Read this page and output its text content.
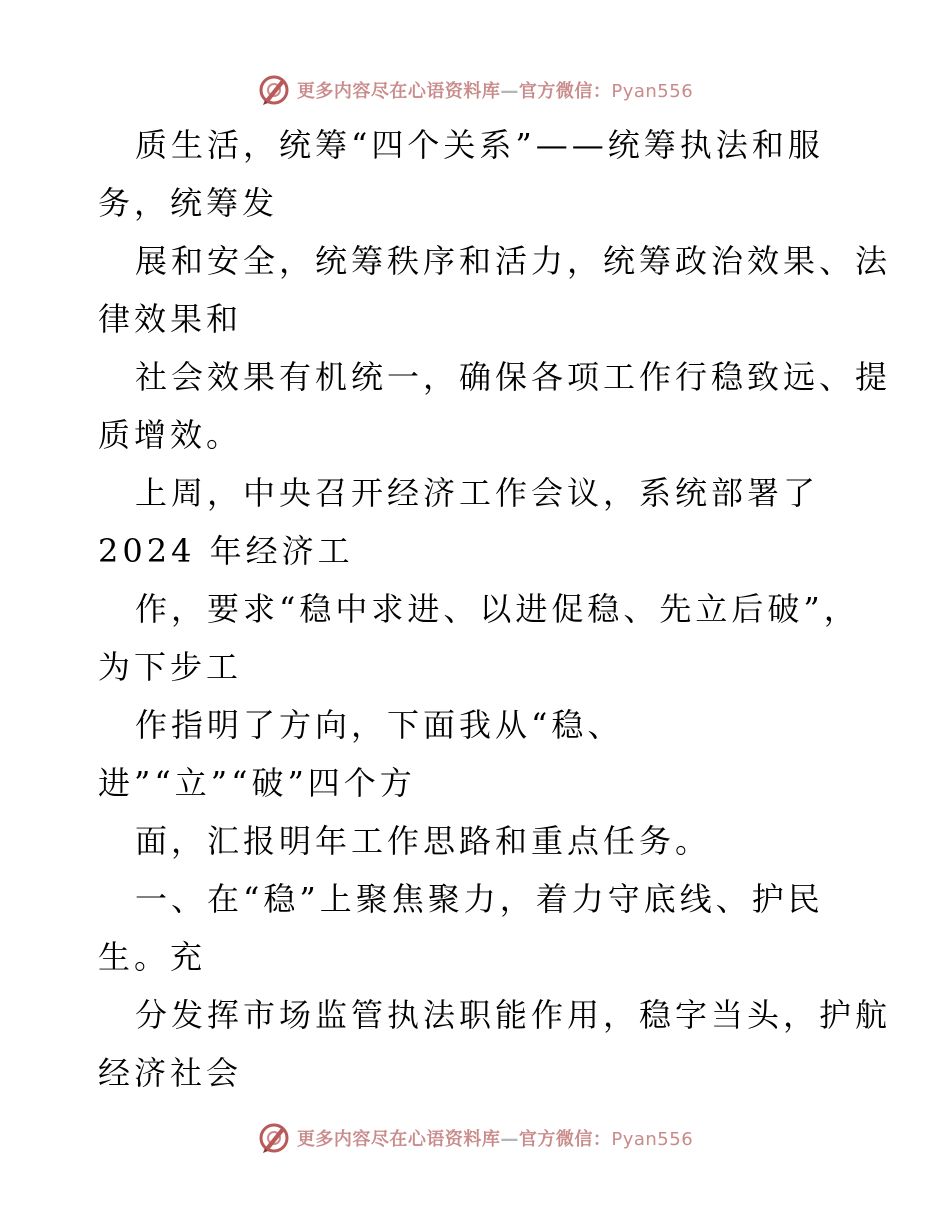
更多内容尽在心语资料库—官方微信：Pyan556
质生活，统筹“四个关系”——统筹执法和服
务，统筹发
展和安全，统筹秩序和活力，统筹政治效果、法
律效果和
社会效果有机统一，确保各项工作行稳致远、提
质增效。
上周，中央召开经济工作会议，系统部署了
2024 年经济工
作，要求“稳中求进、以进促稳、先立后破”，
为下步工
作指明了方向，下面我从“稳、
进”“立”“破”四个方
面，汇报明年工作思路和重点任务。
一、在“稳”上聚焦聚力，着力守底线、护民
生。充
分发挥市场监管执法职能作用，稳字当头，护航
经济社会
更多内容尽在心语资料库—官方微信：Pyan556
